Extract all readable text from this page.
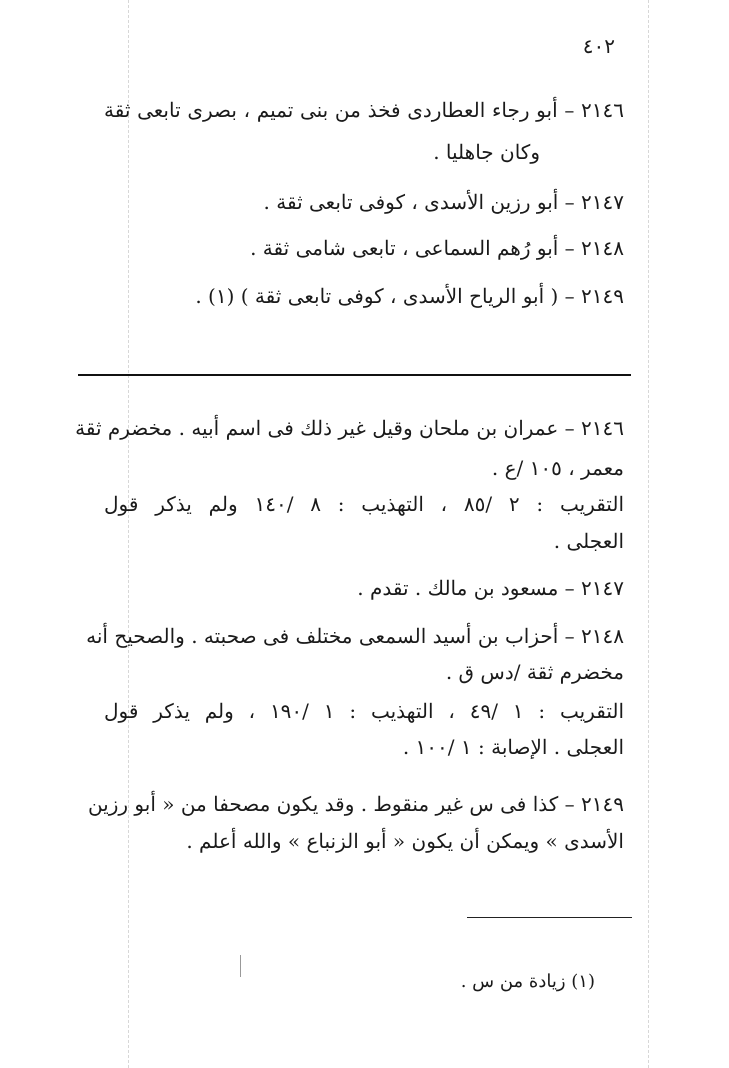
٤٠٢
٢١٤٦ – أبو رجاء العطاردى فخذ من بنى تميم ، بصرى تابعى ثقة
وكان جاهليا .
٢١٤٧ – أبو رزين الأسدى ، كوفى تابعى ثقة .
٢١٤٨ – أبو رُهم السماعى ، تابعى شامى ثقة .
٢١٤٩ – ( أبو الرياح الأسدى ، كوفى تابعى ثقة ) (١) .
٢١٤٦ – عمران بن ملحان وقيل غير ذلك فى اسم أبيه . مخضرم ثقة
معمر ، ١٠٥ /ع .
التقريب : ٢ /٨٥ ، التهذيب : ٨ /١٤٠ ولم يذكر قول
العجلى .
٢١٤٧ – مسعود بن مالك . تقدم .
٢١٤٨ – أحزاب بن أسيد السمعى مختلف فى صحبته . والصحيح أنه
مخضرم ثقة /دس ق .
التقريب : ١ /٤٩ ، التهذيب : ١ /١٩٠ ، ولم يذكر قول
العجلى . الإصابة : ١ /١٠٠ .
٢١٤٩ – كذا فى س غير منقوط . وقد يكون مصحفا من « أبو رزين
الأسدى » ويمكن أن يكون « أبو الزنباع » والله أعلم .
(١) زيادة من س .
